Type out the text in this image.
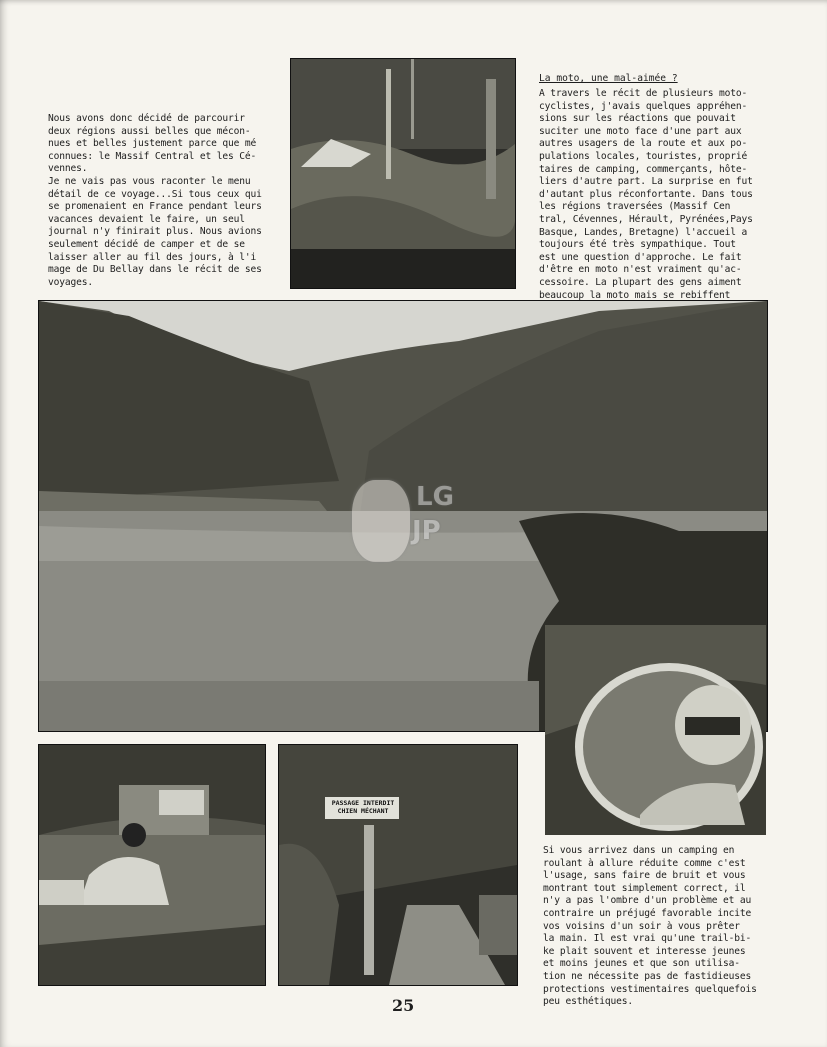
Nous avons donc décidé de parcourir
deux régions aussi belles que mécon-
nues et belles justement parce que mé
connues: le Massif Central et les Cé-
vennes.
Je ne vais pas vous raconter le menu
détail de ce voyage...Si tous ceux qui
se promenaient en France pendant leurs
vacances devaient le faire, un seul
journal n'y finirait plus. Nous avions
seulement décidé de camper et de se
laisser aller au fil des jours, à l'i
mage de Du Bellay dans le récit de ses
voyages.
La moto, une mal-aimée ?
A travers le récit de plusieurs moto-
cyclistes, j'avais quelques appréhen-
sions sur les réactions que pouvait
suciter une moto face d'une part aux
autres usagers de la route et aux po-
pulations locales, touristes, proprié
taires de camping, commerçants, hôte-
liers d'autre part. La surprise en fut
d'autant plus réconfortante. Dans tous
les régions traversées (Massif Cen
tral, Cévennes, Hérault, Pyrénées,Pays
Basque, Landes, Bretagne) l'accueil a
toujours été très sympathique. Tout
est une question d'approche. Le fait
d'être en moto n'est vraiment qu'ac-
cessoire. La plupart des gens aiment
beaucoup la moto mais se rebiffent
PASSAGE INTERDIT
CHIEN MÉCHANT
Si vous arrivez dans un camping en
roulant à allure réduite comme c'est
l'usage, sans faire de bruit et vous
montrant tout simplement correct, il
n'y a pas l'ombre d'un problème et au
contraire un préjugé favorable incite
vos voisins d'un soir à vous prêter
la main. Il est vrai qu'une trail-bi-
ke plait souvent et interesse jeunes
et moins jeunes et que son utilisa-
tion ne nécessite pas de fastidieuses
protections vestimentaires quelquefois
peu esthétiques.
LG
JP
25
